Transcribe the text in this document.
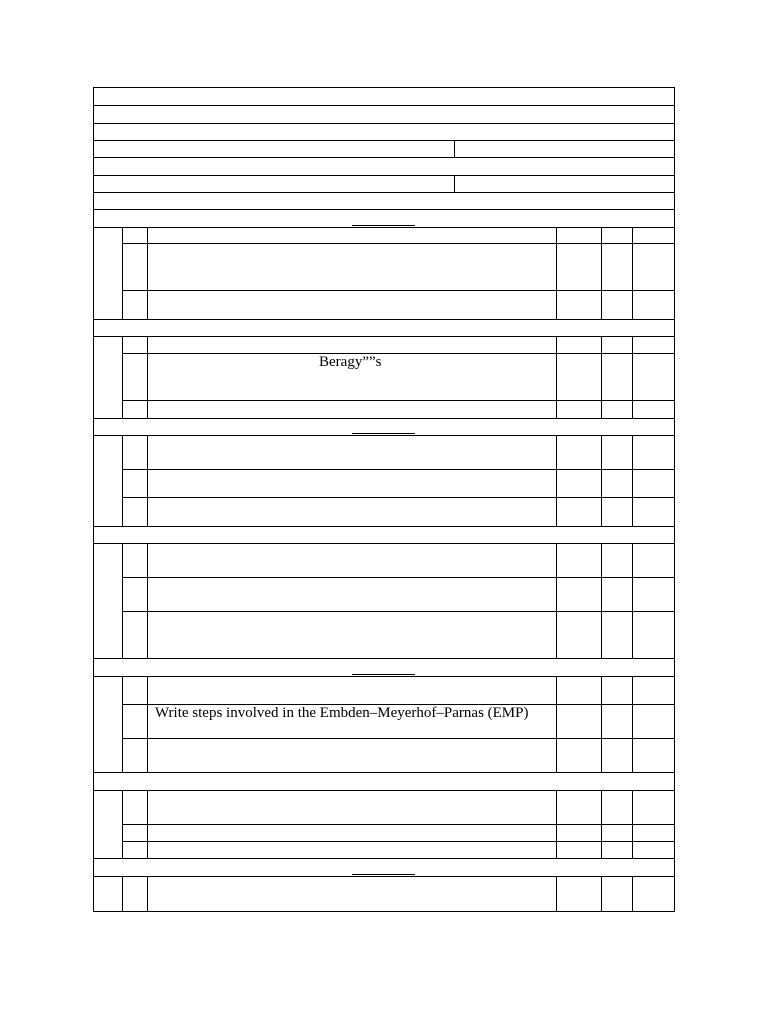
Beragy””s
Write steps involved in the Embden–Meyerhof–Parnas (EMP)
